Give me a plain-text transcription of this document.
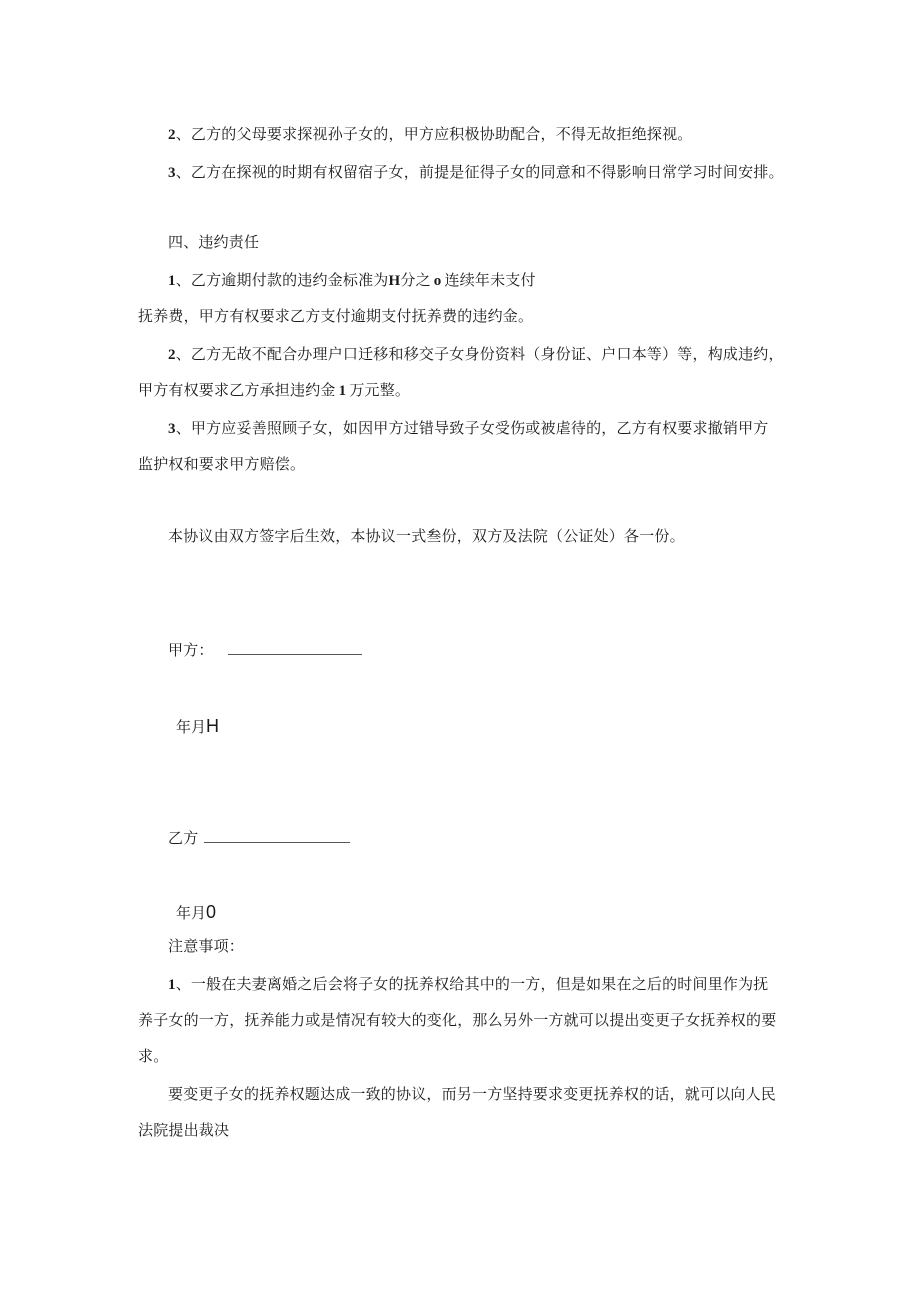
2、乙方的父母要求探视孙子女的，甲方应积极协助配合，不得无故拒绝探视。
3、乙方在探视的时期有权留宿子女，前提是征得子女的同意和不得影响日常学习时间安排。
四、违约责任
1、乙方逾期付款的违约金标准为H分之 o 连续年未支付
抚养费，甲方有权要求乙方支付逾期支付抚养费的违约金。
2、乙方无故不配合办理户口迁移和移交子女身份资料（身份证、户口本等）等，构成违约，
甲方有权要求乙方承担违约金 1 万元整。
3、甲方应妥善照顾子女，如因甲方过错导致子女受伤或被虐待的，乙方有权要求撤销甲方
监护权和要求甲方赔偿。
本协议由双方签字后生效，本协议一式叁份，双方及法院（公证处）各一份。
甲方：
年月H
乙方
年月0
注意事项：
1、一般在夫妻离婚之后会将子女的抚养权给其中的一方，但是如果在之后的时间里作为抚
养子女的一方，抚养能力或是情况有较大的变化，那么另外一方就可以提出变更子女抚养权的要
求。
要变更子女的抚养权题达成一致的协议，而另一方坚持要求变更抚养权的话，就可以向人民
法院提出裁决
